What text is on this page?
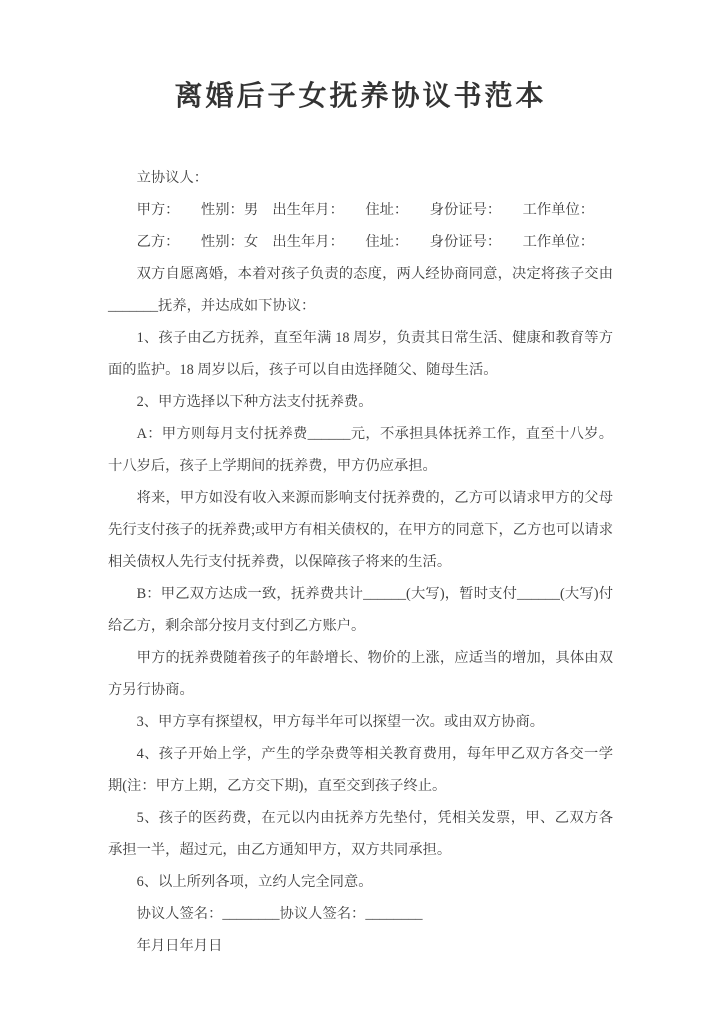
离婚后子女抚养协议书范本

立协议人：

甲方：　　性别：男　出生年月：　　住址：　　身份证号：　　工作单位：

乙方：　　性别：女　出生年月：　　住址：　　身份证号：　　工作单位：

双方自愿离婚，本着对孩子负责的态度，两人经协商同意，决定将孩子交由_______抚养，并达成如下协议：

1、孩子由乙方抚养，直至年满 18 周岁，负责其日常生活、健康和教育等方面的监护。18 周岁以后，孩子可以自由选择随父、随母生活。

2、甲方选择以下种方法支付抚养费。

A：甲方则每月支付抚养费______元，不承担具体抚养工作，直至十八岁。十八岁后，孩子上学期间的抚养费，甲方仍应承担。

将来，甲方如没有收入来源而影响支付抚养费的，乙方可以请求甲方的父母先行支付孩子的抚养费;或甲方有相关债权的，在甲方的同意下，乙方也可以请求相关债权人先行支付抚养费，以保障孩子将来的生活。

B：甲乙双方达成一致，抚养费共计______(大写)，暂时支付______(大写)付给乙方，剩余部分按月支付到乙方账户。

甲方的抚养费随着孩子的年龄增长、物价的上涨，应适当的增加，具体由双方另行协商。

3、甲方享有探望权，甲方每半年可以探望一次。或由双方协商。

4、孩子开始上学，产生的学杂费等相关教育费用，每年甲乙双方各交一学期(注：甲方上期，乙方交下期)，直至交到孩子终止。

5、孩子的医药费，在元以内由抚养方先垫付，凭相关发票，甲、乙双方各承担一半，超过元，由乙方通知甲方，双方共同承担。

6、以上所列各项，立约人完全同意。

协议人签名：________协议人签名：________

年月日年月日
